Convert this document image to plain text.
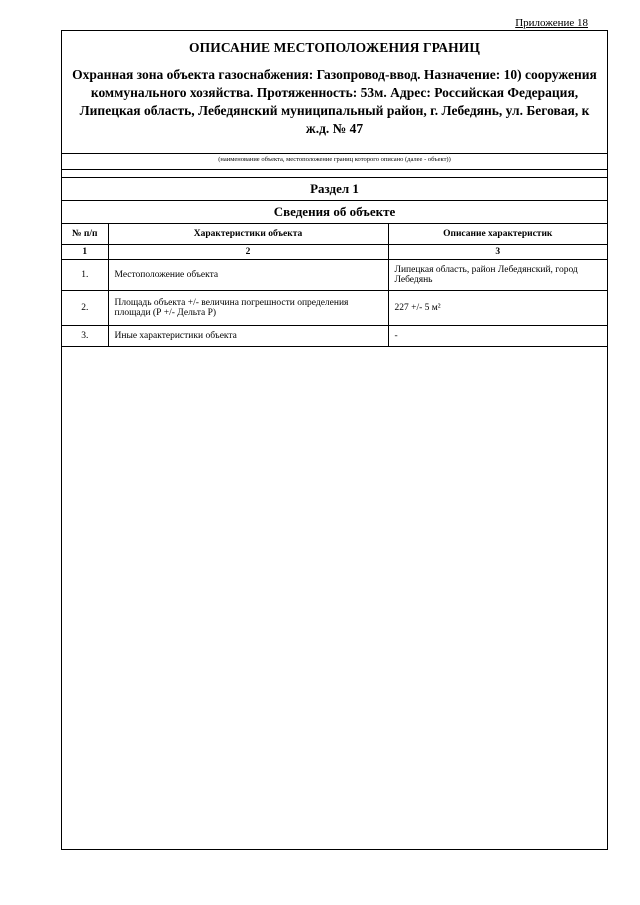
Приложение 18
ОПИСАНИЕ МЕСТОПОЛОЖЕНИЯ ГРАНИЦ
Охранная зона объекта газоснабжения: Газопровод-ввод. Назначение: 10) сооружения коммунального хозяйства. Протяженность: 53м. Адрес: Российская Федерация, Липецкая область, Лебедянский муниципальный район, г. Лебедянь, ул. Беговая, к ж.д. № 47
(наименование объекта, местоположение границ которого описано (далее - объект))
Раздел 1
Сведения об объекте
№ п/п	Характеристики объекта	Описание характеристик
1	2	3
1.	Местоположение объекта	Липецкая область, район Лебедянский, город Лебедянь
2.	Площадь объекта +/- величина погрешности определения площади (Р +/- Дельта Р)	227 +/- 5 м²
3.	Иные характеристики объекта	-
